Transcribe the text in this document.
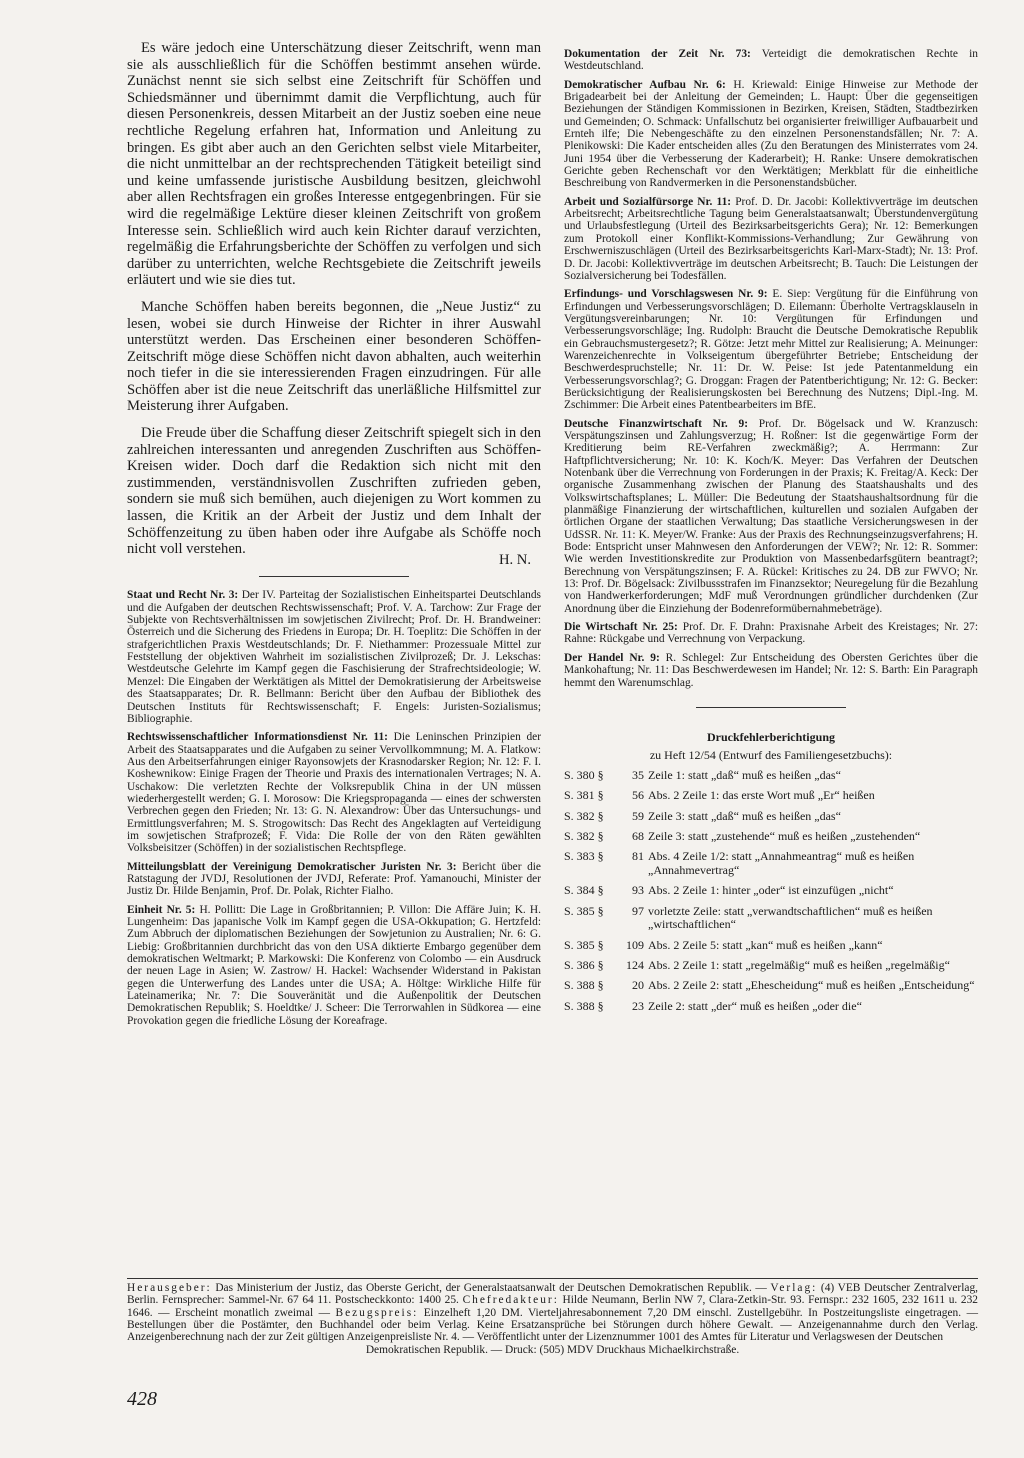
Es wäre jedoch eine Unterschätzung dieser Zeitschrift, wenn man sie als ausschließlich für die Schöffen bestimmt ansehen würde. Zunächst nennt sie sich selbst eine Zeitschrift für Schöffen und Schiedsmänner und übernimmt damit die Verpflichtung, auch für diesen Personenkreis, dessen Mitarbeit an der Justiz soeben eine neue rechtliche Regelung erfahren hat, Information und Anleitung zu bringen. Es gibt aber auch an den Gerichten selbst viele Mitarbeiter, die nicht unmittelbar an der rechtsprechenden Tätigkeit beteiligt sind und keine umfassende juristische Ausbildung besitzen, gleichwohl aber allen Rechtsfragen ein großes Interesse entgegenbringen. Für sie wird die regelmäßige Lektüre dieser kleinen Zeitschrift von großem Interesse sein. Schließlich wird auch kein Richter darauf verzichten, regelmäßig die Erfahrungsberichte der Schöffen zu verfolgen und sich darüber zu unterrichten, welche Rechtsgebiete die Zeitschrift jeweils erläutert und wie sie dies tut.

Manche Schöffen haben bereits begonnen, die „Neue Justiz“ zu lesen, wobei sie durch Hinweise der Richter in ihrer Auswahl unterstützt werden. Das Erscheinen einer besonderen Schöffen-Zeitschrift möge diese Schöffen nicht davon abhalten, auch weiterhin noch tiefer in die sie interessierenden Fragen einzudringen. Für alle Schöffen aber ist die neue Zeitschrift das unerläßliche Hilfsmittel zur Meisterung ihrer Aufgaben.

Die Freude über die Schaffung dieser Zeitschrift spiegelt sich in den zahlreichen interessanten und anregenden Zuschriften aus Schöffen-Kreisen wider. Doch darf die Redaktion sich nicht mit den zustimmenden, verständnisvollen Zuschriften zufrieden geben, sondern sie muß sich bemühen, auch diejenigen zu Wort kommen zu lassen, die Kritik an der Arbeit der Justiz und dem Inhalt der Schöffenzeitung zu üben haben oder ihre Aufgabe als Schöffe noch nicht voll verstehen.

H. N.

Staat und Recht Nr. 3: Der IV. Parteitag der Sozialistischen Einheitspartei Deutschlands und die Aufgaben der deutschen Rechtswissenschaft; Prof. V. A. Tarchow: Zur Frage der Subjekte von Rechtsverhältnissen im sowjetischen Zivilrecht; Prof. Dr. H. Brandweiner: Österreich und die Sicherung des Friedens in Europa; Dr. H. Toeplitz: Die Schöffen in der strafgerichtlichen Praxis Westdeutschlands; Dr. F. Niethammer: Prozessuale Mittel zur Feststellung der objektiven Wahrheit im sozialistischen Zivilprozeß; Dr. J. Lekschas: Westdeutsche Gelehrte im Kampf gegen die Faschisierung der Strafrechtsideologie; W. Menzel: Die Eingaben der Werktätigen als Mittel der Demokratisierung der Arbeitsweise des Staatsapparates; Dr. R. Bellmann: Bericht über den Aufbau der Bibliothek des Deutschen Instituts für Rechtswissenschaft; F. Engels: Juristen-Sozialismus; Bibliographie.

Rechtswissenschaftlicher Informationsdienst Nr. 11: Die Leninschen Prinzipien der Arbeit des Staatsapparates und die Aufgaben zu seiner Vervollkommnung; M. A. Flatkow: Aus den Arbeitserfahrungen einiger Rayonsowjets der Krasnodarsker Region; Nr. 12: F. I. Koshewnikow: Einige Fragen der Theorie und Praxis des internationalen Vertrages; N. A. Uschakow: Die verletzten Rechte der Volksrepublik China in der UN müssen wiederhergestellt werden; G. I. Morosow: Die Kriegspropaganda — eines der schwersten Verbrechen gegen den Frieden; Nr. 13: G. N. Alexandrow: Über das Untersuchungs- und Ermittlungsverfahren; M. S. Strogowitsch: Das Recht des Angeklagten auf Verteidigung im sowjetischen Strafprozeß; F. Vida: Die Rolle der von den Räten gewählten Volksbeisitzer (Schöffen) in der sozialistischen Rechtspflege.

Mitteilungsblatt der Vereinigung Demokratischer Juristen Nr. 3: Bericht über die Ratstagung der JVDJ, Resolutionen der JVDJ, Referate: Prof. Yamanouchi, Minister der Justiz Dr. Hilde Benjamin, Prof. Dr. Polak, Richter Fialho.

Einheit Nr. 5: H. Pollitt: Die Lage in Großbritannien; P. Villon: Die Affäre Juin; K. H. Lungenheim: Das japanische Volk im Kampf gegen die USA-Okkupation; G. Hertzfeld: Zum Abbruch der diplomatischen Beziehungen der Sowjetunion zu Australien; Nr. 6: G. Liebig: Großbritannien durchbricht das von den USA diktierte Embargo gegenüber dem demokratischen Weltmarkt; P. Markowski: Die Konferenz von Colombo — ein Ausdruck der neuen Lage in Asien; W. Zastrow/ H. Hackel: Wachsender Widerstand in Pakistan gegen die Unterwerfung des Landes unter die USA; A. Höltge: Wirkliche Hilfe für Lateinamerika; Nr. 7: Die Souveränität und die Außenpolitik der Deutschen Demokratischen Republik; S. Hoeldtke/ J. Scheer: Die Terrorwahlen in Südkorea — eine Provokation gegen die friedliche Lösung der Koreafrage.

Dokumentation der Zeit Nr. 73: Verteidigt die demokratischen Rechte in Westdeutschland.

Demokratischer Aufbau Nr. 6: H. Kriewald: Einige Hinweise zur Methode der Brigadearbeit bei der Anleitung der Gemeinden; L. Haupt: Über die gegenseitigen Beziehungen der Ständigen Kommissionen in Bezirken, Kreisen, Städten, Stadtbezirken und Gemeinden; O. Schmack: Unfallschutz bei organisierter freiwilliger Aufbauarbeit und Ernteh ilfe; Die Nebengeschäfte zu den einzelnen Personenstandsfällen; Nr. 7: A. Plenikowski: Die Kader entscheiden alles (Zu den Beratungen des Ministerrates vom 24. Juni 1954 über die Verbesserung der Kaderarbeit); H. Ranke: Unsere demokratischen Gerichte geben Rechenschaft vor den Werktätigen; Merkblatt für die einheitliche Beschreibung von Randvermerken in die Personenstandsbücher.

Arbeit und Sozialfürsorge Nr. 11: Prof. D. Dr. Jacobi: Kollektivverträge im deutschen Arbeitsrecht; Arbeitsrechtliche Tagung beim Generalstaatsanwalt; Überstundenvergütung und Urlaubsfestlegung (Urteil des Bezirksarbeitsgerichts Gera); Nr. 12: Bemerkungen zum Protokoll einer Konflikt-Kommissions-Verhandlung; Zur Gewährung von Erschwerniszuschlägen (Urteil des Bezirksarbeitsgerichts Karl-Marx-Stadt); Nr. 13: Prof. D. Dr. Jacobi: Kollektivverträge im deutschen Arbeitsrecht; B. Tauch: Die Leistungen der Sozialversicherung bei Todesfällen.

Erfindungs- und Vorschlagswesen Nr. 9: E. Siep: Vergütung für die Einführung von Erfindungen und Verbesserungsvorschlägen; D. Eilemann: Überholte Vertragsklauseln in Vergütungsvereinbarungen; Nr. 10: Vergütungen für Erfindungen und Verbesserungsvorschläge; Ing. Rudolph: Braucht die Deutsche Demokratische Republik ein Gebrauchsmustergesetz?; R. Götze: Jetzt mehr Mittel zur Realisierung; A. Meinunger: Warenzeichenrechte in Volkseigentum übergeführter Betriebe; Entscheidung der Beschwerdespruchstelle; Nr. 11: Dr. W. Peise: Ist jede Patentanmeldung ein Verbesserungsvorschlag?; G. Droggan: Fragen der Patentberichtigung; Nr. 12: G. Becker: Berücksichtigung der Realisierungskosten bei Berechnung des Nutzens; Dipl.-Ing. M. Zschimmer: Die Arbeit eines Patentbearbeiters im BfE.

Deutsche Finanzwirtschaft Nr. 9: Prof. Dr. Bögelsack und W. Kranzusch: Verspätungszinsen und Zahlungsverzug; H. Roßner: Ist die gegenwärtige Form der Kreditierung beim RE-Verfahren zweckmäßig?; A. Herrmann: Zur Haftpflichtversicherung; Nr. 10: K. Koch/K. Meyer: Das Verfahren der Deutschen Notenbank über die Verrechnung von Forderungen in der Praxis; K. Freitag/A. Keck: Der organische Zusammenhang zwischen der Planung des Staatshaushalts und des Volkswirtschaftsplanes; L. Müller: Die Bedeutung der Staatshaushaltsordnung für die planmäßige Finanzierung der wirtschaftlichen, kulturellen und sozialen Aufgaben der örtlichen Organe der staatlichen Verwaltung; Das staatliche Versicherungswesen in der UdSSR. Nr. 11: K. Meyer/W. Franke: Aus der Praxis des Rechnungseinzugsverfahrens; H. Bode: Entspricht unser Mahnwesen den Anforderungen der VEW?; Nr. 12: R. Sommer: Wie werden Investitionskredite zur Produktion von Massenbedarfsgütern beantragt?; Berechnung von Verspätungszinsen; F. A. Rückel: Kritisches zu 24. DB zur FWVO; Nr. 13: Prof. Dr. Bögelsack: Zivilbussstrafen im Finanzsektor; Neuregelung für die Bezahlung von Handwerkerforderungen; MdF muß Verordnungen gründlicher durchdenken (Zur Anordnung über die Einziehung der Bodenreformübernahmebeträge).

Die Wirtschaft Nr. 25: Prof. Dr. F. Drahn: Praxisnahe Arbeit des Kreistages; Nr. 27: Rahne: Rückgabe und Verrechnung von Verpackung.

Der Handel Nr. 9: R. Schlegel: Zur Entscheidung des Obersten Gerichtes über die Mankohaftung; Nr. 11: Das Beschwerdewesen im Handel; Nr. 12: S. Barth: Ein Paragraph hemmt den Warenumschlag.

Druckfehlerberichtigung

zu Heft 12/54 (Entwurf des Familiengesetzbuchs):

S. 380 §	35 Zeile 1: statt „daß“ muß es heißen „das“
S. 381 §	56 Abs. 2 Zeile 1: das erste Wort muß „Er“ heißen
S. 382 §	59 Zeile 3: statt „daß“ muß es heißen „das“
S. 382 §	68 Zeile 3: statt „zustehende“ muß es heißen „zustehenden“
S. 383 §	81 Abs. 4 Zeile 1/2: statt „Annahmeantrag“ muß es heißen „Annahmevertrag“
S. 384 §	93 Abs. 2 Zeile 1: hinter „oder“ ist einzufügen „nicht“
S. 385 §	97 vorletzte Zeile: statt „verwandtschaftlichen“ muß es heißen „wirtschaftlichen“
S. 385 §	109 Abs. 2 Zeile 5: statt „kan“ muß es heißen „kann“
S. 386 §	124 Abs. 2 Zeile 1: statt „regelmäßig“ muß es heißen „regelmäßig“
S. 388 §	20 Abs. 2 Zeile 2: statt „Ehescheidung“ muß es heißen „Entscheidung“
S. 388 §	23 Zeile 2: statt „der“ muß es heißen „oder die“

Herausgeber: Das Ministerium der Justiz, das Oberste Gericht, der Generalstaatsanwalt der Deutschen Demokratischen Republik. — Verlag: (4) VEB Deutscher Zentralverlag, Berlin. Fernsprecher: Sammel-Nr. 67 64 11. Postscheckkonto: 1400 25. Chefredakteur: Hilde Neumann, Berlin NW 7, Clara-Zetkin-Str. 93. Fernspr.: 232 1605, 232 1611 u. 232 1646. — Erscheint monatlich zweimal — Bezugspreis: Einzelheft 1,20 DM. Vierteljahresabonnement 7,20 DM einschl. Zustellgebühr. In Postzeitungsliste eingetragen. — Bestellungen über die Postämter, den Buchhandel oder beim Verlag. Keine Ersatzansprüche bei Störungen durch höhere Gewalt. — Anzeigenannahme durch den Verlag. Anzeigenberechnung nach der zur Zeit gültigen Anzeigenpreisliste Nr. 4. — Veröffentlicht unter der Lizenznummer 1001 des Amtes für Literatur und Verlagswesen der Deutschen

Demokratischen Republik. — Druck: (505) MDV Druckhaus Michaelkirchstraße.

428
